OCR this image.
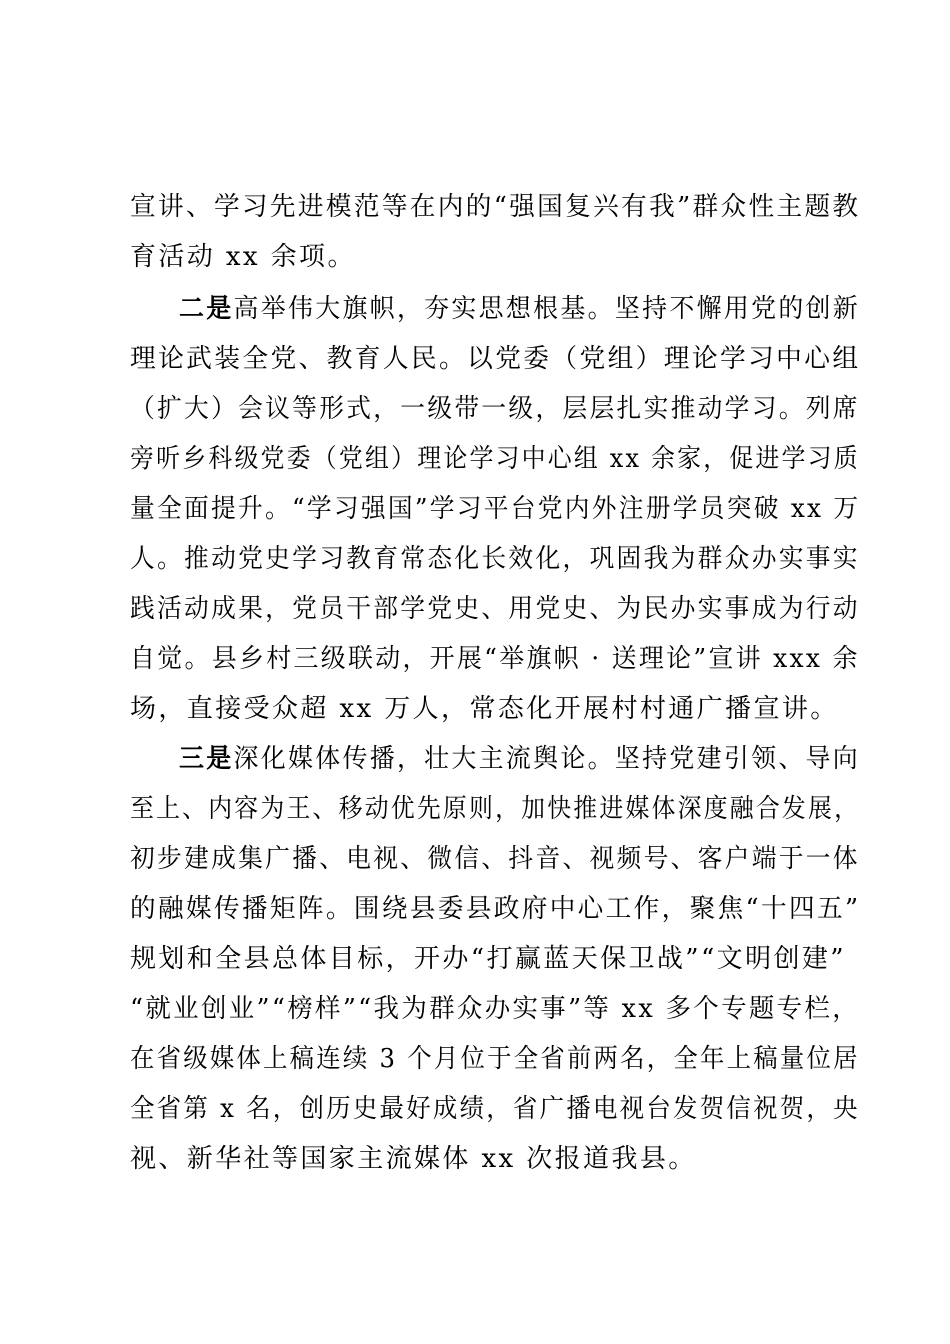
宣讲、学习先进模范等在内的“强国复兴有我”群众性主题教
育活动 xx 余项。
二是高举伟大旗帜，夯实思想根基。坚持不懈用党的创新
理论武装全党、教育人民。以党委（党组）理论学习中心组
（扩大）会议等形式，一级带一级，层层扎实推动学习。列席
旁听乡科级党委（党组）理论学习中心组 xx 余家，促进学习质
量全面提升。“学习强国”学习平台党内外注册学员突破 xx 万
人。推动党史学习教育常态化长效化，巩固我为群众办实事实
践活动成果，党员干部学党史、用党史、为民办实事成为行动
自觉。县乡村三级联动，开展“举旗帜 · 送理论”宣讲 xxx 余
场，直接受众超 xx 万人，常态化开展村村通广播宣讲。
三是深化媒体传播，壮大主流舆论。坚持党建引领、导向
至上、内容为王、移动优先原则，加快推进媒体深度融合发展，
初步建成集广播、电视、微信、抖音、视频号、客户端于一体
的融媒传播矩阵。围绕县委县政府中心工作，聚焦“十四五”
规划和全县总体目标，开办“打赢蓝天保卫战”“文明创建”
“就业创业”“榜样”“我为群众办实事”等 xx 多个专题专栏，
在省级媒体上稿连续 3 个月位于全省前两名，全年上稿量位居
全省第 x 名，创历史最好成绩，省广播电视台发贺信祝贺，央
视、新华社等国家主流媒体 xx 次报道我县。
